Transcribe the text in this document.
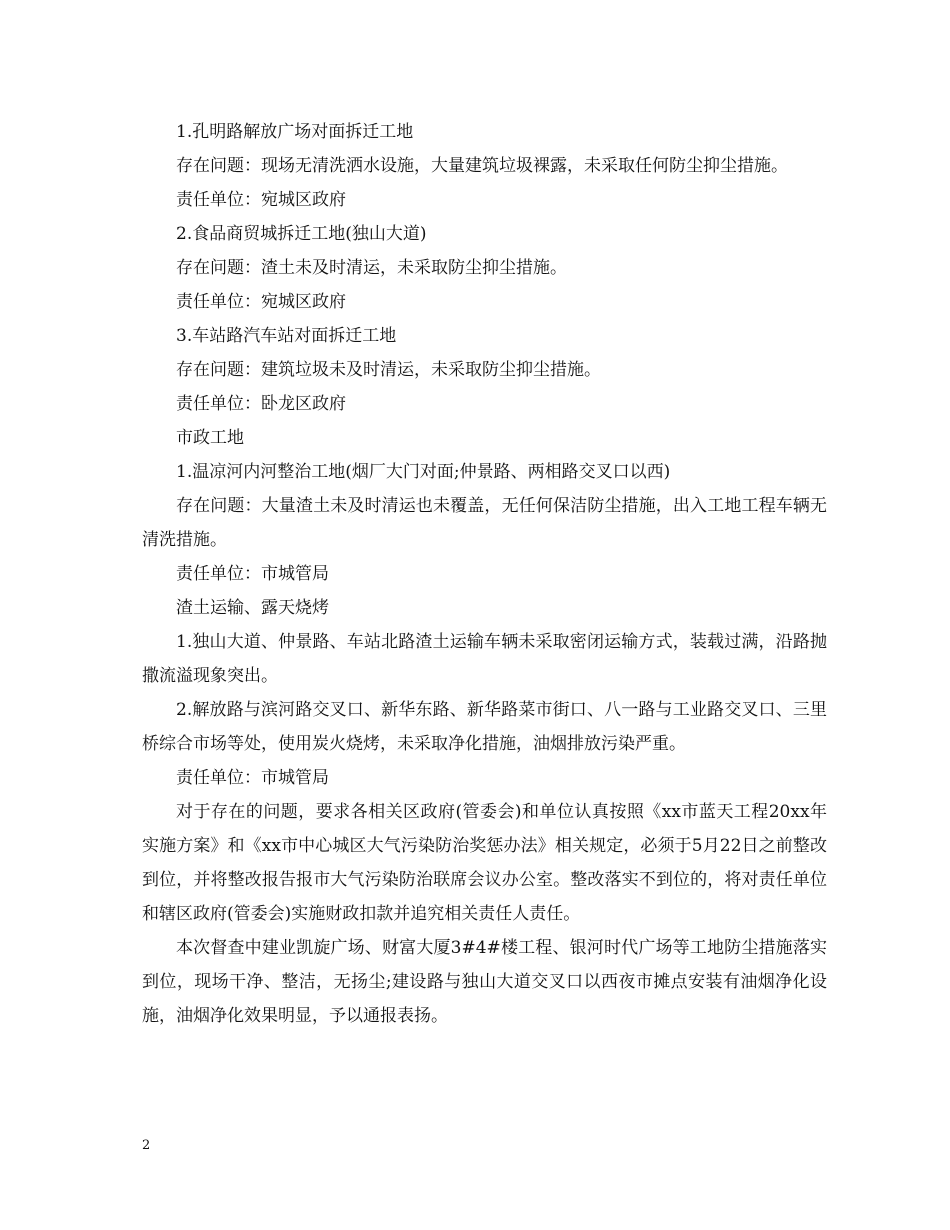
1.孔明路解放广场对面拆迁工地

存在问题：现场无清洗洒水设施，大量建筑垃圾裸露，未采取任何防尘抑尘措施。

责任单位：宛城区政府

2.食品商贸城拆迁工地(独山大道)

存在问题：渣土未及时清运，未采取防尘抑尘措施。

责任单位：宛城区政府

3.车站路汽车站对面拆迁工地

存在问题：建筑垃圾未及时清运，未采取防尘抑尘措施。

责任单位：卧龙区政府

市政工地

1.温凉河内河整治工地(烟厂大门对面;仲景路、两相路交叉口以西)

存在问题：大量渣土未及时清运也未覆盖，无任何保洁防尘措施，出入工地工程车辆无清洗措施。

责任单位：市城管局

渣土运输、露天烧烤

1.独山大道、仲景路、车站北路渣土运输车辆未采取密闭运输方式，装载过满，沿路抛撒流溢现象突出。

2.解放路与滨河路交叉口、新华东路、新华路菜市街口、八一路与工业路交叉口、三里桥综合市场等处，使用炭火烧烤，未采取净化措施，油烟排放污染严重。

责任单位：市城管局

对于存在的问题，要求各相关区政府(管委会)和单位认真按照《xx市蓝天工程20xx年实施方案》和《xx市中心城区大气污染防治奖惩办法》相关规定，必须于5月22日之前整改到位，并将整改报告报市大气污染防治联席会议办公室。整改落实不到位的，将对责任单位和辖区政府(管委会)实施财政扣款并追究相关责任人责任。

本次督查中建业凯旋广场、财富大厦3#4#楼工程、银河时代广场等工地防尘措施落实到位，现场干净、整洁，无扬尘;建设路与独山大道交叉口以西夜市摊点安装有油烟净化设施，油烟净化效果明显，予以通报表扬。

2
